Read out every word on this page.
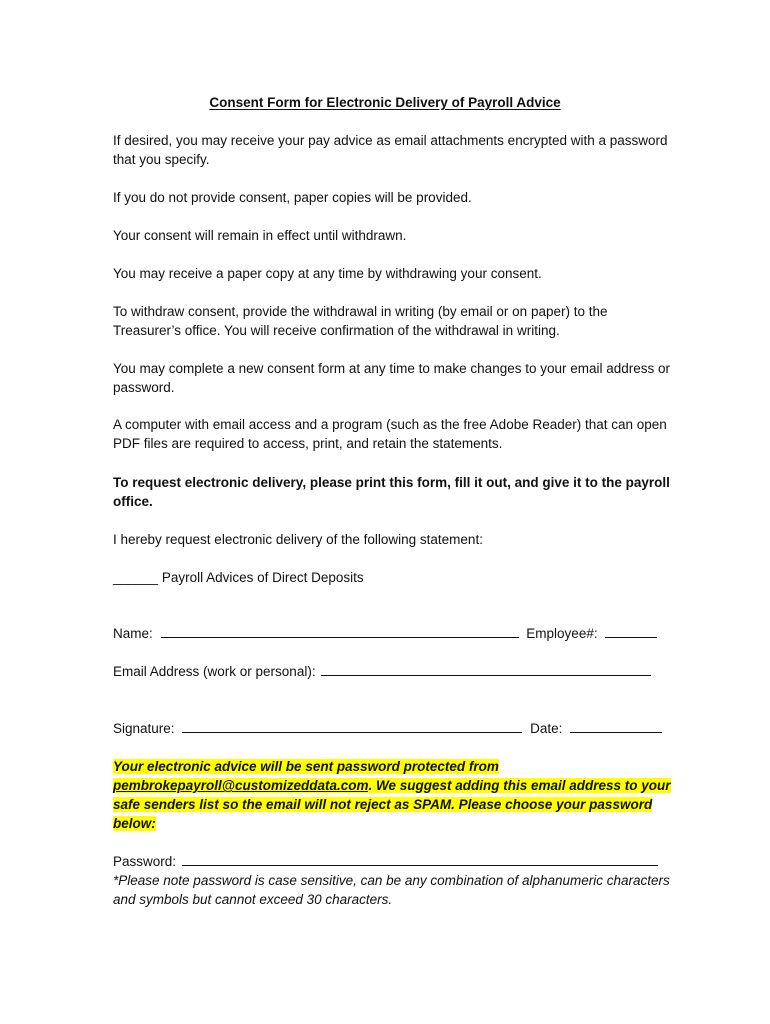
Consent Form for Electronic Delivery of Payroll Advice

If desired, you may receive your pay advice as email attachments encrypted with a password that you specify.

If you do not provide consent, paper copies will be provided.

Your consent will remain in effect until withdrawn.

You may receive a paper copy at any time by withdrawing your consent.

To withdraw consent, provide the withdrawal in writing (by email or on paper) to the Treasurer’s office. You will receive confirmation of the withdrawal in writing.

You may complete a new consent form at any time to make changes to your email address or password.

A computer with email access and a program (such as the free Adobe Reader) that can open PDF files are required to access, print, and retain the statements.

To request electronic delivery, please print this form, fill it out, and give it to the payroll office.

I hereby request electronic delivery of the following statement:

______ Payroll Advices of Direct Deposits
Name:	Employee#:
Email Address (work or personal):
Signature:	Date:
Your electronic advice will be sent password protected from pembrokepayroll@customizeddata.com. We suggest adding this email address to your safe senders list so the email will not reject as SPAM. Please choose your password below:
Password:
*Please note password is case sensitive, can be any combination of alphanumeric characters and symbols but cannot exceed 30 characters.
